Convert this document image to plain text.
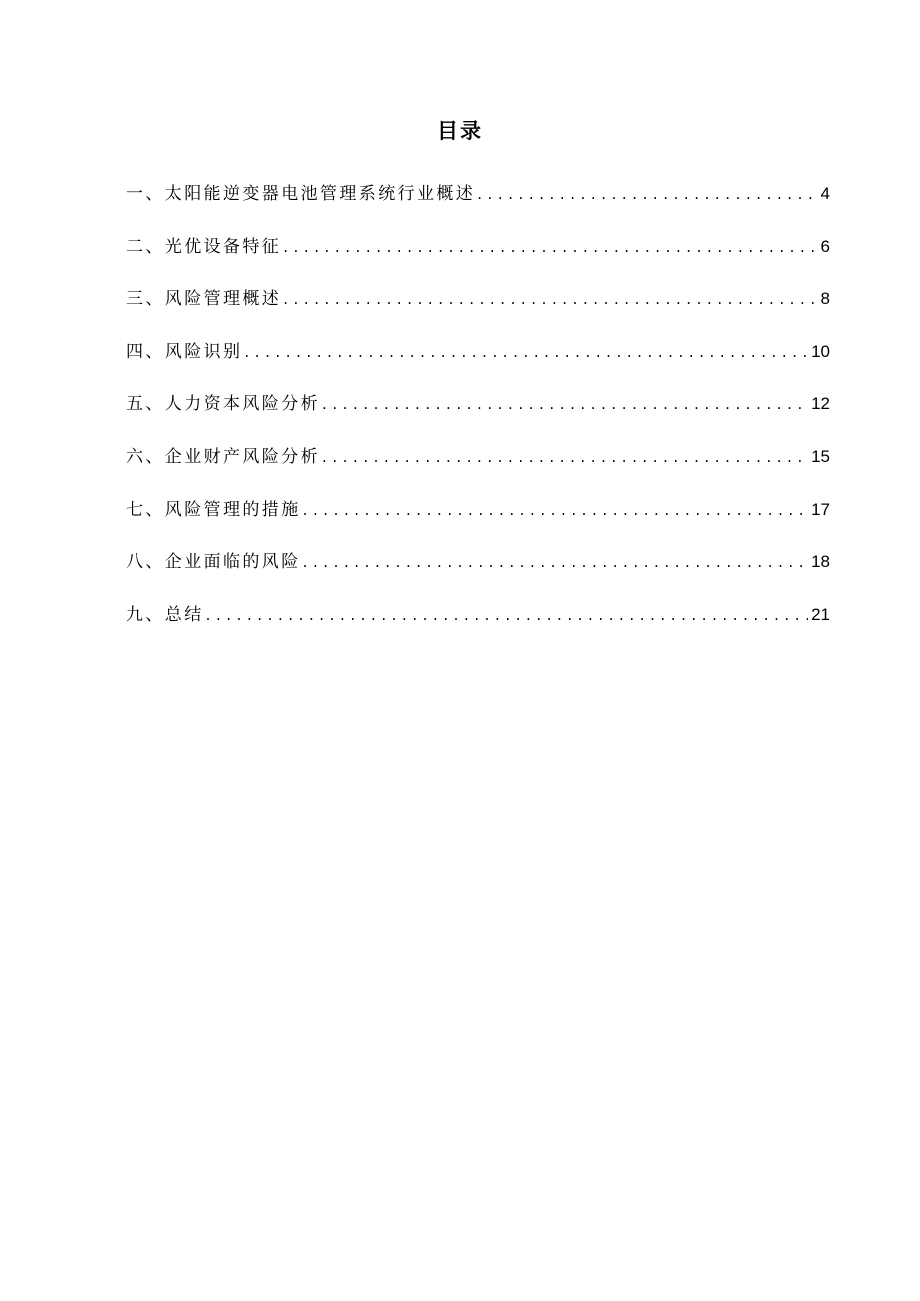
目录
一、太阳能逆变器电池管理系统行业概述 . . .	4
二、光优设备特征 . . .	6
三、风险管理概述 . . .	8
四、风险识别 . . .	10
五、人力资本风险分析 . . .	12
六、企业财产风险分析 . . .	15
七、风险管理的措施 . . .	17
八、企业面临的风险 . . .	18
九、总结 . . .	21
